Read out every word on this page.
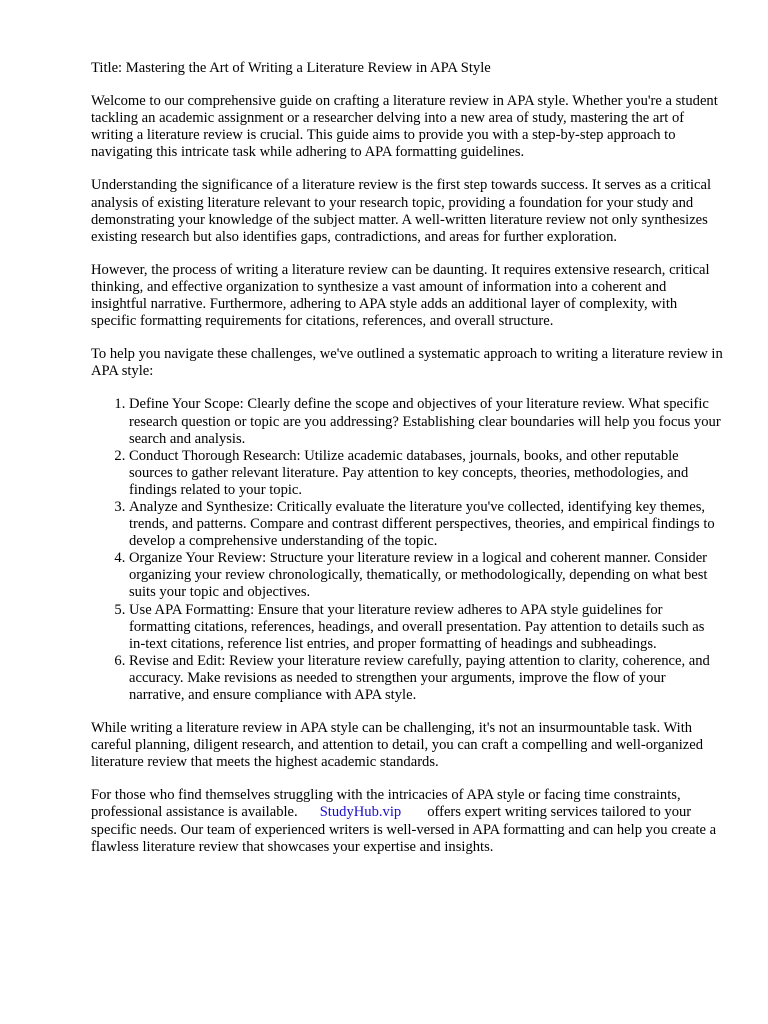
Title: Mastering the Art of Writing a Literature Review in APA Style

Welcome to our comprehensive guide on crafting a literature review in APA style. Whether you're a student tackling an academic assignment or a researcher delving into a new area of study, mastering the art of writing a literature review is crucial. This guide aims to provide you with a step-by-step approach to navigating this intricate task while adhering to APA formatting guidelines.

Understanding the significance of a literature review is the first step towards success. It serves as a critical analysis of existing literature relevant to your research topic, providing a foundation for your study and demonstrating your knowledge of the subject matter. A well-written literature review not only synthesizes existing research but also identifies gaps, contradictions, and areas for further exploration.

However, the process of writing a literature review can be daunting. It requires extensive research, critical thinking, and effective organization to synthesize a vast amount of information into a coherent and insightful narrative. Furthermore, adhering to APA style adds an additional layer of complexity, with specific formatting requirements for citations, references, and overall structure.

To help you navigate these challenges, we've outlined a systematic approach to writing a literature review in APA style:

1. Define Your Scope: Clearly define the scope and objectives of your literature review. What specific research question or topic are you addressing? Establishing clear boundaries will help you focus your search and analysis.
2. Conduct Thorough Research: Utilize academic databases, journals, books, and other reputable sources to gather relevant literature. Pay attention to key concepts, theories, methodologies, and findings related to your topic.
3. Analyze and Synthesize: Critically evaluate the literature you've collected, identifying key themes, trends, and patterns. Compare and contrast different perspectives, theories, and empirical findings to develop a comprehensive understanding of the topic.
4. Organize Your Review: Structure your literature review in a logical and coherent manner. Consider organizing your review chronologically, thematically, or methodologically, depending on what best suits your topic and objectives.
5. Use APA Formatting: Ensure that your literature review adheres to APA style guidelines for formatting citations, references, headings, and overall presentation. Pay attention to details such as in-text citations, reference list entries, and proper formatting of headings and subheadings.
6. Revise and Edit: Review your literature review carefully, paying attention to clarity, coherence, and accuracy. Make revisions as needed to strengthen your arguments, improve the flow of your narrative, and ensure compliance with APA style.

While writing a literature review in APA style can be challenging, it's not an insurmountable task. With careful planning, diligent research, and attention to detail, you can craft a compelling and well-organized literature review that meets the highest academic standards.

For those who find themselves struggling with the intricacies of APA style or facing time constraints, professional assistance is available. StudyHub.vip offers expert writing services tailored to your specific needs. Our team of experienced writers is well-versed in APA formatting and can help you create a flawless literature review that showcases your expertise and insights.
